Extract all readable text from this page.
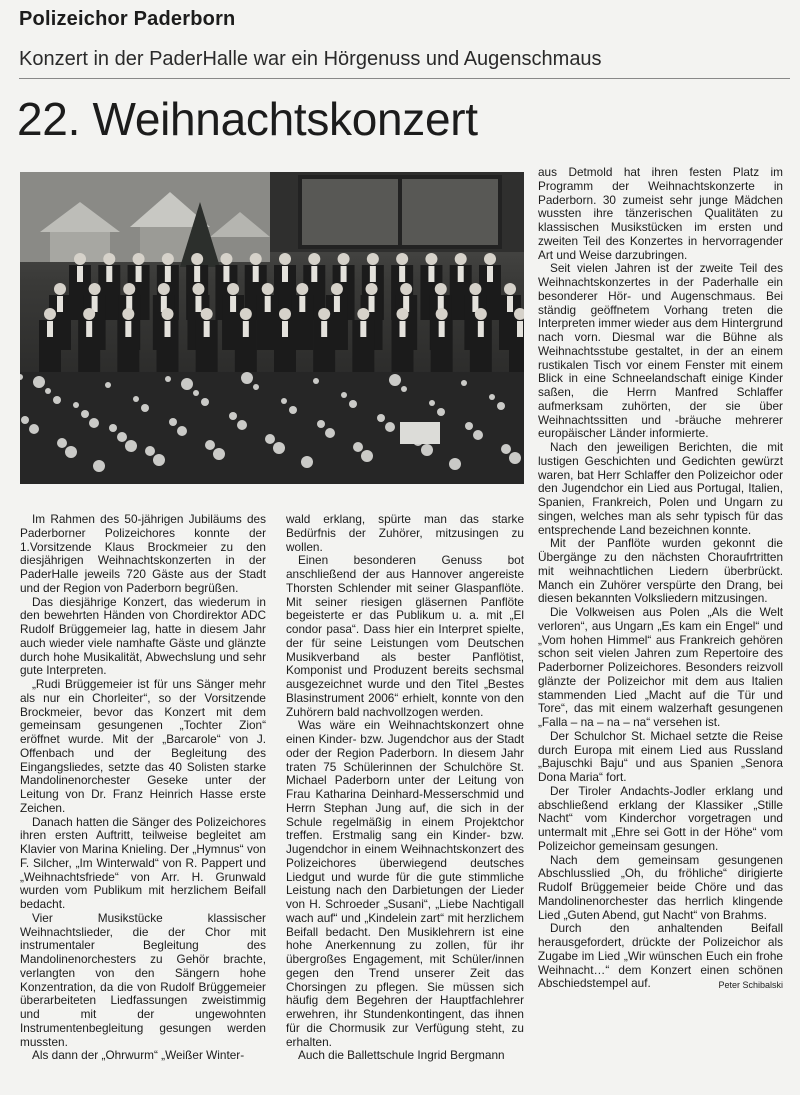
Polizeichor Paderborn
Konzert in der PaderHalle war ein Hörgenuss und Augenschmaus
22. Weihnachtskonzert

Im Rahmen des 50-jährigen Jubiläums des Paderborner Polizeichores konnte der 1.Vorsitzende Klaus Brockmeier zu den diesjährigen Weihnachtskonzerten in der PaderHalle jeweils 720 Gäste aus der Stadt und der Region von Paderborn begrüßen.

Das diesjährige Konzert, das wiederum in den bewehrten Händen von Chordirektor ADC Rudolf Brüggemeier lag, hatte in diesem Jahr auch wieder viele namhafte Gäste und glänzte durch hohe Musikalität, Abwechslung und sehr gute Interpreten.

„Rudi Brüggemeier ist für uns Sänger mehr als nur ein Chorleiter“, so der Vorsitzende Brockmeier, bevor das Konzert mit dem gemeinsam gesungenen „Tochter Zion“ eröffnet wurde. Mit der „Barcarole“ von J. Offenbach und der Begleitung des Eingangsliedes, setzte das 40 Solisten starke Mandolinenorchester Geseke unter der Leitung von Dr. Franz Heinrich Hasse erste Zeichen.

Danach hatten die Sänger des Polizeichores ihren ersten Auftritt, teilweise begleitet am Klavier von Marina Knieling. Der „Hymnus“ von F. Silcher, „Im Winterwald“ von R. Pappert und „Weihnachtsfriede“ von Arr. H. Grunwald wurden vom Publikum mit herzlichem Beifall bedacht.

Vier Musikstücke klassischer Weihnachtslieder, die der Chor mit instrumentaler Begleitung des Mandolinenorchesters zu Gehör brachte, verlangten von den Sängern hohe Konzentration, da die von Rudolf Brüggemeier überarbeiteten Liedfassungen zweistimmig und mit der ungewohnten Instrumentenbegleitung gesungen werden mussten.

Als dann der „Ohrwurm“ „Weißer Winter-

wald erklang, spürte man das starke Bedürfnis der Zuhörer, mitzusingen zu wollen.

Einen besonderen Genuss bot anschließend der aus Hannover angereiste Thorsten Schlender mit seiner Glaspanflöte. Mit seiner riesigen gläsernen Panflöte begeisterte er das Publikum u. a. mit „El condor pasa“. Dass hier ein Interpret spielte, der für seine Leistungen vom Deutschen Musikverband als bester Panflötist, Komponist und Produzent bereits sechsmal ausgezeichnet wurde und den Titel „Bestes Blasinstrument 2006“ erhielt, konnte von den Zuhörern bald nachvollzogen werden.

Was wäre ein Weihnachtskonzert ohne einen Kinder- bzw. Jugendchor aus der Stadt oder der Region Paderborn. In diesem Jahr traten 75 Schülerinnen der Schulchöre St. Michael Paderborn unter der Leitung von Frau Katharina Deinhard-Messerschmid und Herrn Stephan Jung auf, die sich in der Schule regelmäßig in einem Projektchor treffen. Erstmalig sang ein Kinder- bzw. Jugendchor in einem Weihnachtskonzert des Polizeichores überwiegend deutsches Liedgut und wurde für die gute stimmliche Leistung nach den Darbietungen der Lieder von H. Schroeder „Susani“, „Liebe Nachtigall wach auf“ und „Kindelein zart“ mit herzlichem Beifall bedacht. Den Musiklehrern ist eine hohe Anerkennung zu zollen, für ihr übergroßes Engagement, mit Schüler/innen gegen den Trend unserer Zeit das Chorsingen zu pflegen. Sie müssen sich häufig dem Begehren der Hauptfachlehrer erwehren, ihr Stundenkontingent, das ihnen für die Chormusik zur Verfügung steht, zu erhalten.

Auch die Ballettschule Ingrid Bergmann

aus Detmold hat ihren festen Platz im Programm der Weihnachtskonzerte in Paderborn. 30 zumeist sehr junge Mädchen wussten ihre tänzerischen Qualitäten zu klassischen Musikstücken im ersten und zweiten Teil des Konzertes in hervorragender Art und Weise darzubringen.

Seit vielen Jahren ist der zweite Teil des Weihnachtskonzertes in der Paderhalle ein besonderer Hör- und Augenschmaus. Bei ständig geöffnetem Vorhang treten die Interpreten immer wieder aus dem Hintergrund nach vorn. Diesmal war die Bühne als Weihnachtsstube gestaltet, in der an einem rustikalen Tisch vor einem Fenster mit einem Blick in eine Schneelandschaft einige Kinder saßen, die Herrn Manfred Schlaffer aufmerksam zuhörten, der sie über Weihnachtssitten und -bräuche mehrerer europäischer Länder informierte.

Nach den jeweiligen Berichten, die mit lustigen Geschichten und Gedichten gewürzt waren, bat Herr Schlaffer den Polizeichor oder den Jugendchor ein Lied aus Portugal, Italien, Spanien, Frankreich, Polen und Ungarn zu singen, welches man als sehr typisch für das entsprechende Land bezeichnen konnte.

Mit der Panflöte wurden gekonnt die Übergänge zu den nächsten Choraufrtritten mit weihnachtlichen Liedern überbrückt. Manch ein Zuhörer verspürte den Drang, bei diesen bekannten Volksliedern mitzusingen.

Die Volkweisen aus Polen „Als die Welt verloren“, aus Ungarn „Es kam ein Engel“ und „Vom hohen Himmel“ aus Frankreich gehören schon seit vielen Jahren zum Repertoire des Paderborner Polizeichores. Besonders reizvoll glänzte der Polizeichor mit dem aus Italien stammenden Lied „Macht auf die Tür und Tore“, das mit einem walzerhaft gesungenen „Falla – na – na – na“ versehen ist.

Der Schulchor St. Michael setzte die Reise durch Europa mit einem Lied aus Russland „Bajuschki Baju“ und aus Spanien „Senora Dona Maria“ fort.

Der Tiroler Andachts-Jodler erklang und abschließend erklang der Klassiker „Stille Nacht“ vom Kinderchor vorgetragen und untermalt mit „Ehre sei Gott in der Höhe“ vom Polizeichor gemeinsam gesungen.

Nach dem gemeinsam gesungenen Abschlusslied „Oh, du fröhliche“ dirigierte Rudolf Brüggemeier beide Chöre und das Mandolinenorchester das herrlich klingende Lied „Guten Abend, gut Nacht“ von Brahms.

Durch den anhaltenden Beifall herausgefordert, drückte der Polizeichor als Zugabe im Lied „Wir wünschen Euch ein frohe Weihnacht…“ dem Konzert einen schönen Abschiedstempel auf.	Peter Schibalski
